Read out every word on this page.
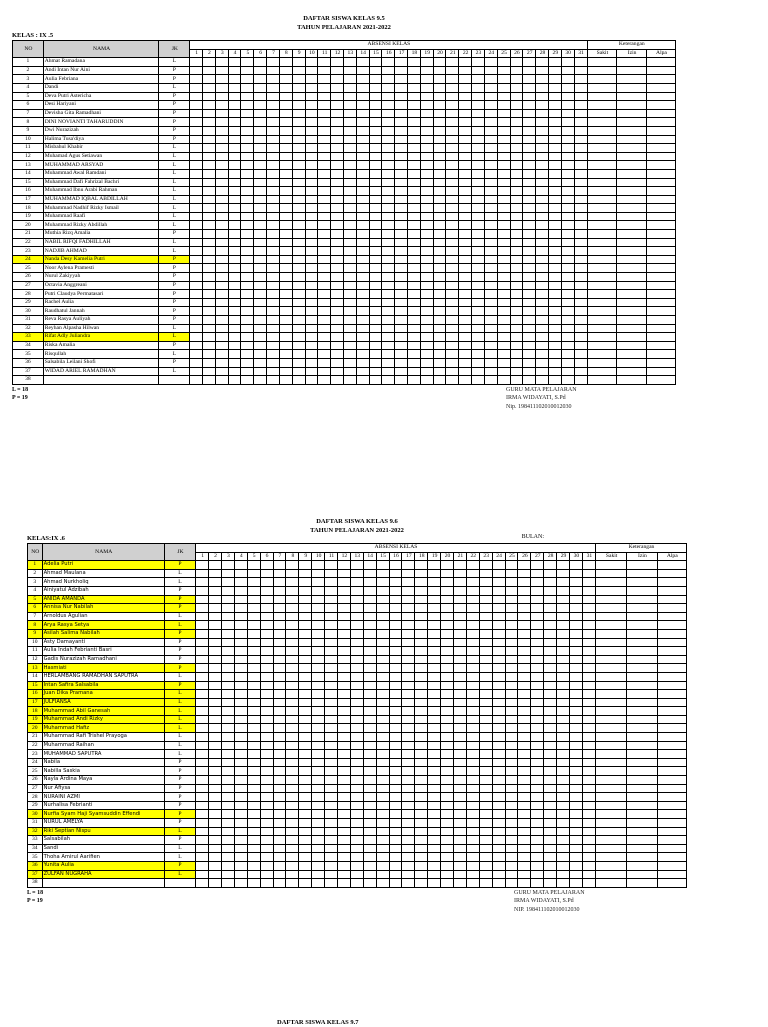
DAFTAR SISWA KELAS 9.5
TAHUN PELAJARAN 2021-2022
KELAS : IX .5
NO	NAMA	JK	ABSENSI KELAS																															Keterangan		
			1	2	3	4	5	6	7	8	9	10	11	12	13	14	15	16	17	18	19	20	21	22	23	24	25	26	27	28	29	30	31	Sakit	Izin	Alpa
1	Ahmat Ramadana	L																																		
2	Andi Intan Nur Aini	P																																		
3	Aulia Febriana	P																																		
4	Dandi	L																																		
5	Deva Putri Astericha	P																																		
6	Desi Hariyani	P																																		
7	Devisha Gita Ramadhani	P																																		
8	DINI NOVIANTI TAHARUDDIN	P																																		
9	Dwi Nurazizah	P																																		
10	Halima Tusa'diya	P																																		
11	Misbahul Khabir	L																																		
12	Muhamad Agus Setiawan	L																																		
13	MUHAMMAD ARSYAD	L																																		
14	Muhammad Awal Ramdani	L																																		
15	Muhammad Dafi Fahrizal Bachri	L																																		
16	Muhammad Ibnu Arabi Rahman	L																																		
17	MUHAMMAD IQBAL ABDILLAH	L																																		
18	Muhammad Nadhif Rizky Ismail	L																																		
19	Muhammad Raafi	L																																		
20	Muhammad Rizky Abdillah	L																																		
21	Muthia Rizq Amalia	P																																		
22	NABIL RIFQI FADHILLAH	L																																		
23	NADJIB AHMAD	L																																		
24	Nanda Desy Kamelia Putri	P																																		
25	Noor Aylena Pramesti	P																																		
26	Nurul Zakiyyah	P																																		
27	Octavia Anggreani	P																																		
28	Putri Claudya Permatasari	P																																		
29	Rachel Aulia	P																																		
30	Raudhatul Jannah	P																																		
31	Reva Rasya Auliyah	P																																		
32	Reyhan Alpasha Hilwan	L																																		
33	Rifat Adly Juliandra	L																																		
34	Riska Amalia	P																																		
35	Risqullah	L																																		
36	Salsabila Leilani Shofi	P																																		
37	WIDAD ARIEL RAMADHAN	L																																		
38																																				
L = 18
P = 19
GURU MATA PELAJARAN
IRMA WIDAYATI, S.Pd
Nip. 198411102010012030
DAFTAR SISWA KELAS 9.6
TAHUN PELAJARAN 2021-2022
KELAS:IX .6	BULAN:
NO	NAMA	JK	ABSENSI KELAS																															Keterangan		
			1	2	3	4	5	6	7	8	9	10	11	12	13	14	15	16	17	18	19	20	21	22	23	24	25	26	27	28	29	30	31	Sakit	Izin	Alpa
1	Adelia Putri	P																																		
2	Ahmad Maulana	L																																		
3	Ahmad Nurkholiq	L																																		
4	Ainiyatul Adzibah	P																																		
5	ANIDA AMANDA	P																																		
6	Annisa Nur Nabilah	P																																		
7	Arnoldus Agulian	L																																		
8	Arya Rasya Setya	L																																		
9	Asilah Salima Nabilah	P																																		
10	Asty Damayanti	P																																		
11	Aulia Indah Febrianti Basri	P																																		
12	Gadis Nurazizah Ramadhani	P																																		
13	Hasmiati	P																																		
14	HERLAMBANG RAMADHAN SAPUTRA	L																																		
15	Intan Safira Salsabila	P																																		
16	Juan Dika Pramana	L																																		
17	JULFIANSA	L																																		
18	Muhammad Abil Ganesah	L																																		
19	Muhammad Andi Rizky	L																																		
20	Muhammad Hafiz	L																																		
21	Muhammad Rafi Trishel Prayoga	L																																		
22	Muhammad Raihan	L																																		
23	MUHAMMAD SAPUTRA	L																																		
24	Nabila	P																																		
25	Nabilla Saskia	P																																		
26	Nayla Ardina Maya	P																																		
27	Nur Afiysa	P																																		
28	NURAINI AZMI	P																																		
29	Nurhalisa Febrianti	P																																		
30	Nurfia Syam Haji Syamsuddin Effendi	P																																		
31	NURUL AMELYA	P																																		
32	Riki Septian Nispu	L																																		
33	Salsabilah	P																																		
34	Sandi	L																																		
35	Thoha Amirul Aarifien	L																																		
36	Yunita Aulia	P																																		
37	ZULFAN NUGRAHA	L																																		
38																																				
L = 18
P = 19
GURU MATA PELAJARAN
IRMA WIDAYATI, S.Pd
NIP. 198411102010012030
DAFTAR SISWA KELAS 9.7
